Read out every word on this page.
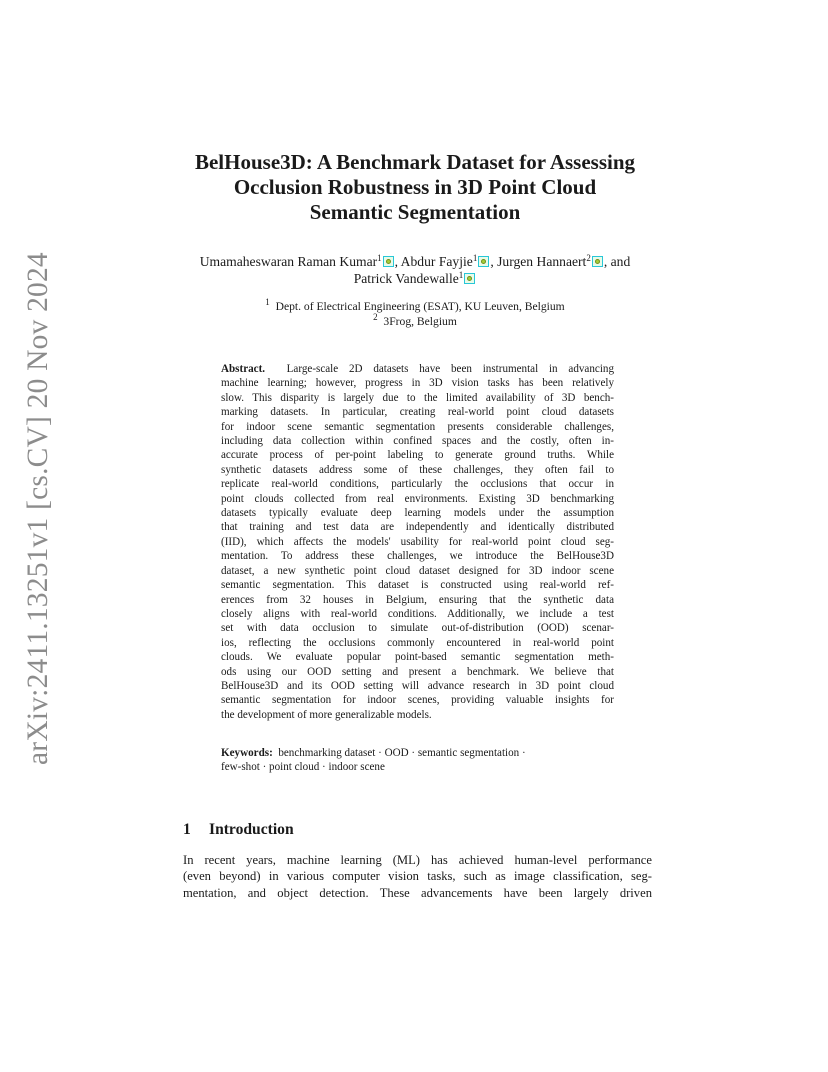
arXiv:2411.13251v1 [cs.CV] 20 Nov 2024
BelHouse3D: A Benchmark Dataset for Assessing
Occlusion Robustness in 3D Point Cloud
Semantic Segmentation
Umamaheswaran Raman Kumar$^1$ , Abdur Fayjie$^1$ , Jurgen Hannaert$^2$ , and
Patrick Vandewalle$^1$
$^1$ Dept. of Electrical Engineering (ESAT), KU Leuven, Belgium
$^2$ 3Frog, Belgium
Abstract. Large-scale 2D datasets have been instrumental in advancing
machine learning; however, progress in 3D vision tasks has been relatively
slow. This disparity is largely due to the limited availability of 3D bench-
marking datasets. In particular, creating real-world point cloud datasets
for indoor scene semantic segmentation presents considerable challenges,
including data collection within confined spaces and the costly, often in-
accurate process of per-point labeling to generate ground truths. While
synthetic datasets address some of these challenges, they often fail to
replicate real-world conditions, particularly the occlusions that occur in
point clouds collected from real environments. Existing 3D benchmarking
datasets typically evaluate deep learning models under the assumption
that training and test data are independently and identically distributed
(IID), which affects the models' usability for real-world point cloud seg-
mentation. To address these challenges, we introduce the BelHouse3D
dataset, a new synthetic point cloud dataset designed for 3D indoor scene
semantic segmentation. This dataset is constructed using real-world ref-
erences from 32 houses in Belgium, ensuring that the synthetic data
closely aligns with real-world conditions. Additionally, we include a test
set with data occlusion to simulate out-of-distribution (OOD) scenar-
ios, reflecting the occlusions commonly encountered in real-world point
clouds. We evaluate popular point-based semantic segmentation meth-
ods using our OOD setting and present a benchmark. We believe that
BelHouse3D and its OOD setting will advance research in 3D point cloud
semantic segmentation for indoor scenes, providing valuable insights for
the development of more generalizable models.
Keywords: benchmarking dataset · OOD · semantic segmentation ·
few-shot · point cloud · indoor scene
1 Introduction
In recent years, machine learning (ML) has achieved human-level performance
(even beyond) in various computer vision tasks, such as image classification, seg-
mentation, and object detection. These advancements have been largely driven
